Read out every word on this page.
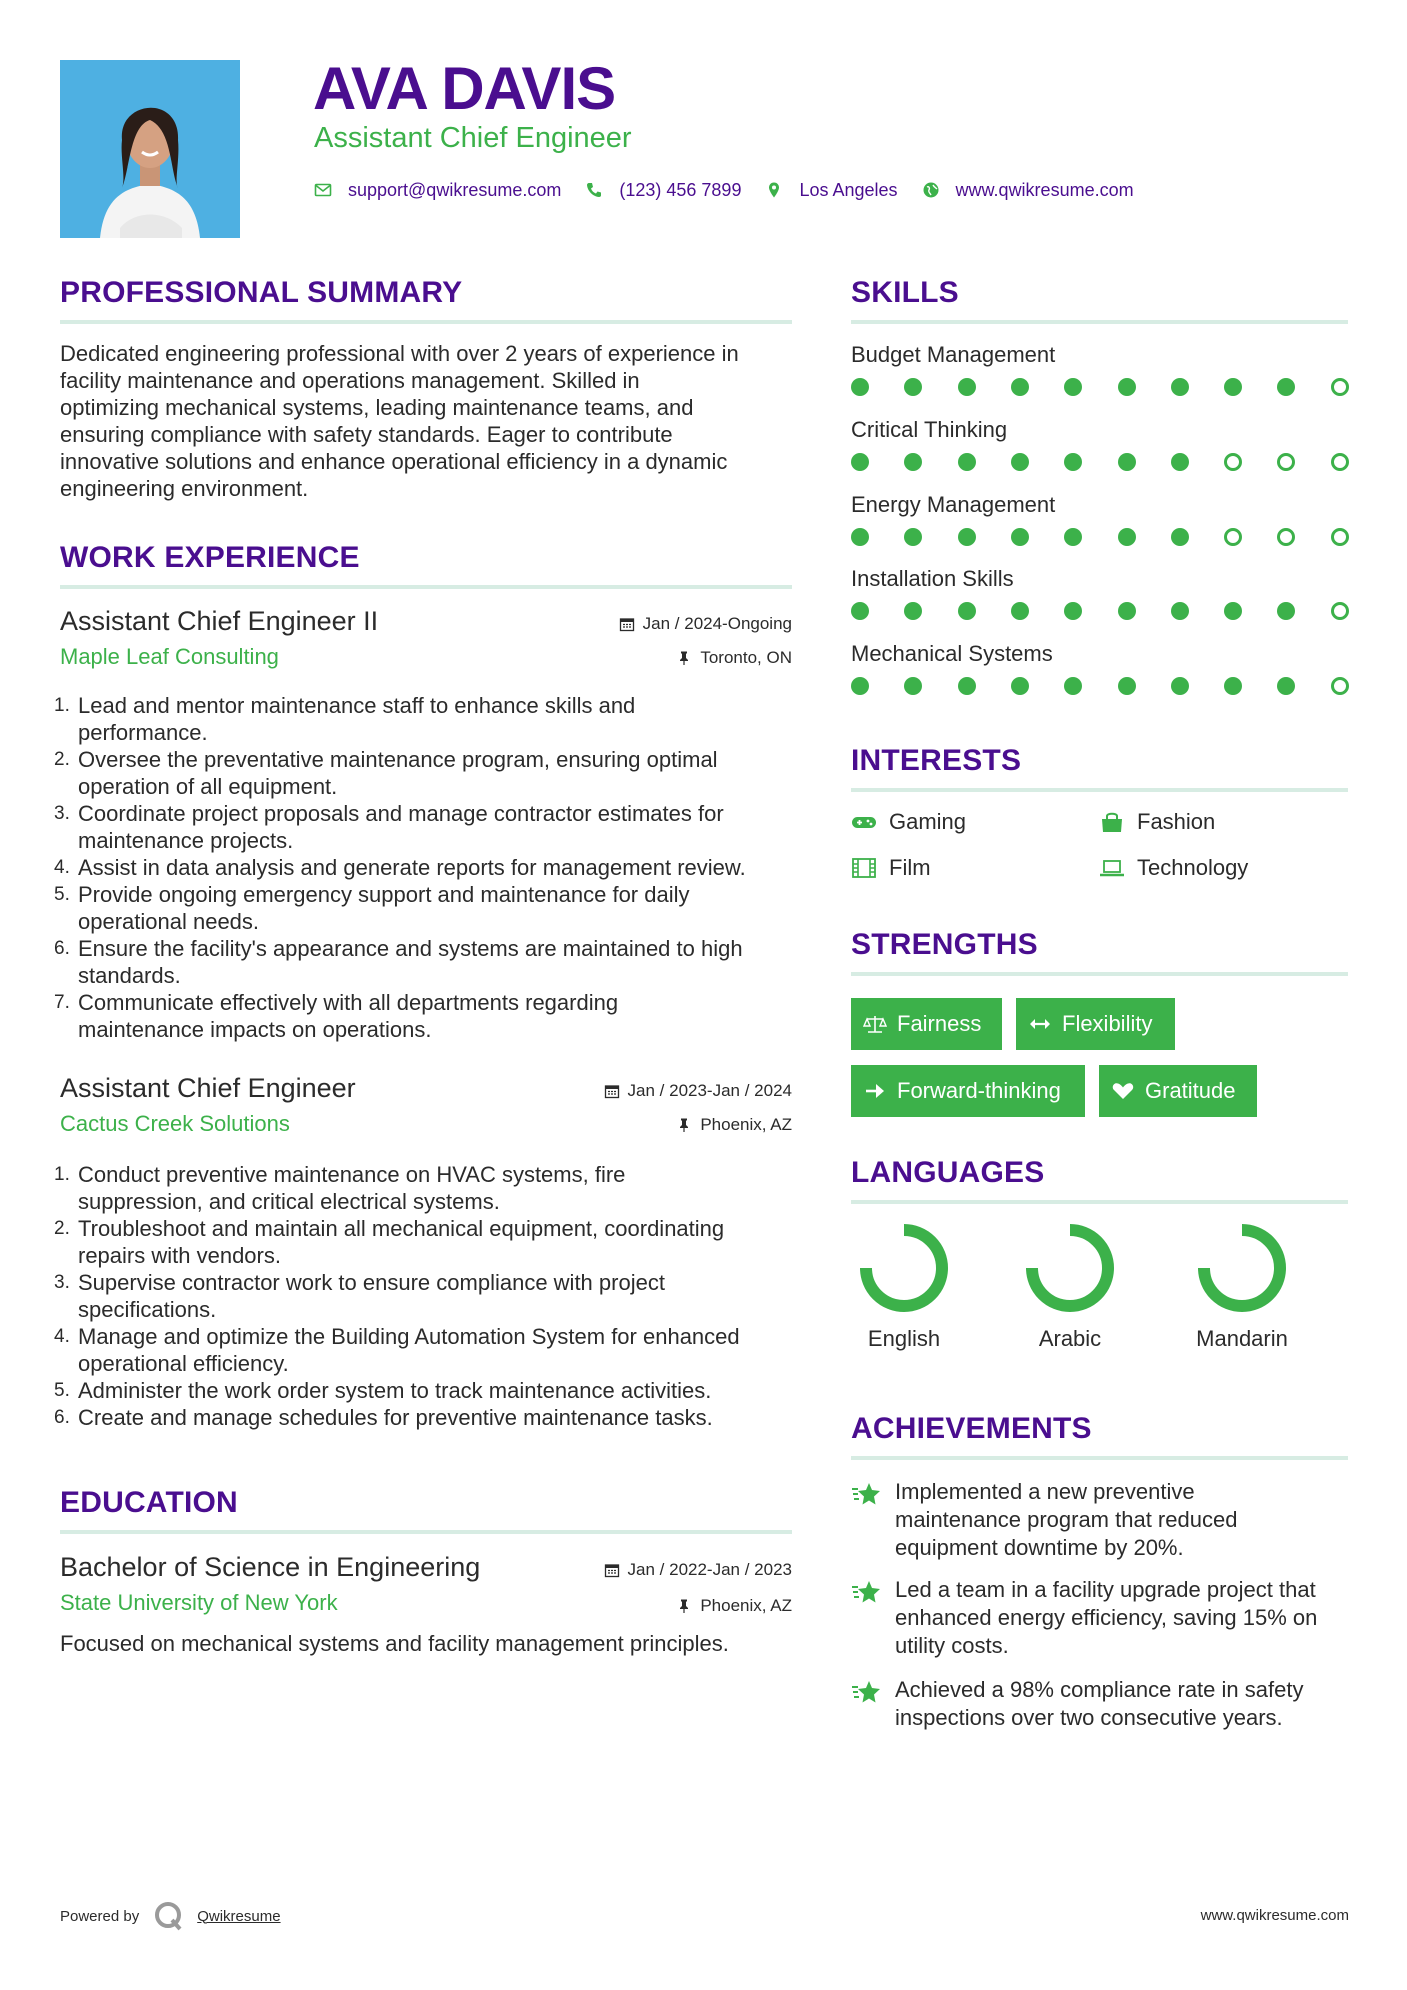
AVA DAVIS
Assistant Chief Engineer
support@qwikresume.com	(123) 456 7899	Los Angeles	www.qwikresume.com
PROFESSIONAL SUMMARY
Dedicated engineering professional with over 2 years of experience in
facility maintenance and operations management. Skilled in
optimizing mechanical systems, leading maintenance teams, and
ensuring compliance with safety standards. Eager to contribute
innovative solutions and enhance operational efficiency in a dynamic
engineering environment.
WORK EXPERIENCE
Assistant Chief Engineer II
Maple Leaf Consulting
Jan / 2024-Ongoing
Toronto, ON
1. Lead and mentor maintenance staff to enhance skills and
performance.
2. Oversee the preventative maintenance program, ensuring optimal
operation of all equipment.
3. Coordinate project proposals and manage contractor estimates for
maintenance projects.
4. Assist in data analysis and generate reports for management review.
5. Provide ongoing emergency support and maintenance for daily
operational needs.
6. Ensure the facility's appearance and systems are maintained to high
standards.
7. Communicate effectively with all departments regarding
maintenance impacts on operations.
Assistant Chief Engineer
Cactus Creek Solutions
Jan / 2023-Jan / 2024
Phoenix, AZ
1. Conduct preventive maintenance on HVAC systems, fire
suppression, and critical electrical systems.
2. Troubleshoot and maintain all mechanical equipment, coordinating
repairs with vendors.
3. Supervise contractor work to ensure compliance with project
specifications.
4. Manage and optimize the Building Automation System for enhanced
operational efficiency.
5. Administer the work order system to track maintenance activities.
6. Create and manage schedules for preventive maintenance tasks.
EDUCATION
Bachelor of Science in Engineering
State University of New York
Jan / 2022-Jan / 2023
Phoenix, AZ
Focused on mechanical systems and facility management principles.
SKILLS
Budget Management
Critical Thinking
Energy Management
Installation Skills
Mechanical Systems
INTERESTS
Gaming	Fashion
Film	Technology
STRENGTHS
Fairness	Flexibility
Forward-thinking	Gratitude
LANGUAGES
English	Arabic	Mandarin
ACHIEVEMENTS
Implemented a new preventive
maintenance program that reduced
equipment downtime by 20%.
Led a team in a facility upgrade project that
enhanced energy efficiency, saving 15% on
utility costs.
Achieved a 98% compliance rate in safety
inspections over two consecutive years.
Powered by	Qwikresume	www.qwikresume.com
